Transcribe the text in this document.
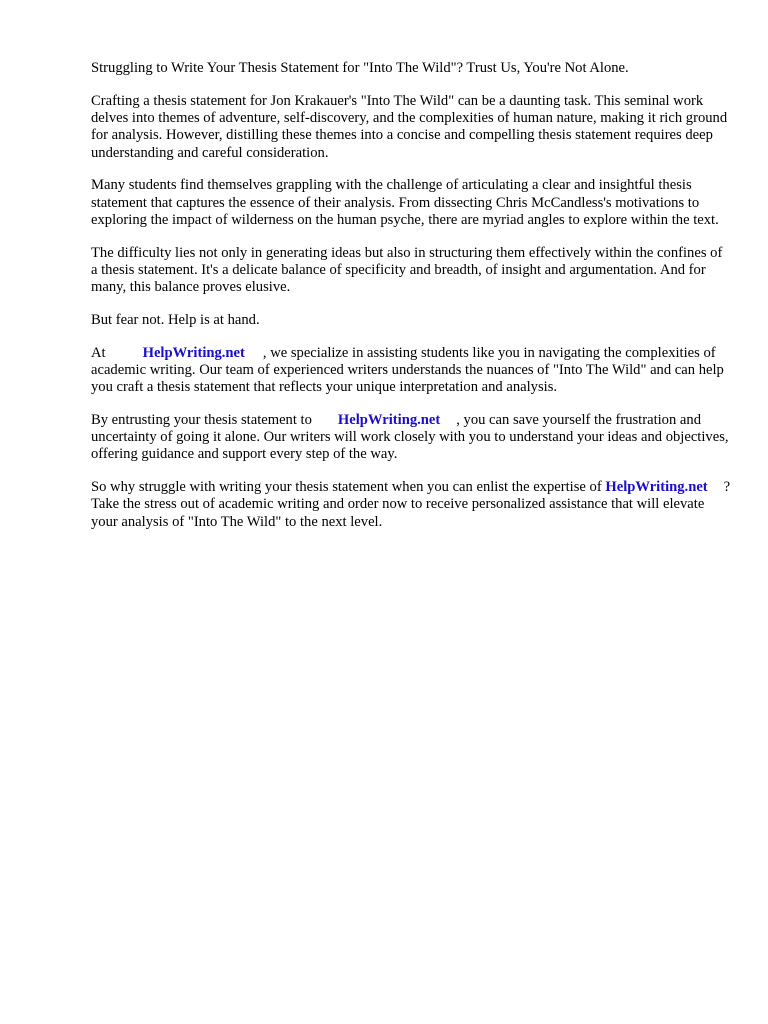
Struggling to Write Your Thesis Statement for "Into The Wild"? Trust Us, You're Not Alone.

Crafting a thesis statement for Jon Krakauer's "Into The Wild" can be a daunting task. This seminal work delves into themes of adventure, self-discovery, and the complexities of human nature, making it rich ground for analysis. However, distilling these themes into a concise and compelling thesis statement requires deep understanding and careful consideration.

Many students find themselves grappling with the challenge of articulating a clear and insightful thesis statement that captures the essence of their analysis. From dissecting Chris McCandless's motivations to exploring the impact of wilderness on the human psyche, there are myriad angles to explore within the text.

The difficulty lies not only in generating ideas but also in structuring them effectively within the confines of a thesis statement. It's a delicate balance of specificity and breadth, of insight and argumentation. And for many, this balance proves elusive.

But fear not. Help is at hand.

At	HelpWriting.net , we specialize in assisting students like you in navigating the complexities of academic writing. Our team of experienced writers understands the nuances of "Into The Wild" and can help you craft a thesis statement that reflects your unique interpretation and analysis.

By entrusting your thesis statement to HelpWriting.net , you can save yourself the frustration and uncertainty of going it alone. Our writers will work closely with you to understand your ideas and objectives, offering guidance and support every step of the way.

So why struggle with writing your thesis statement when you can enlist the expertise of HelpWriting.net ? Take the stress out of academic writing and order now to receive personalized assistance that will elevate your analysis of "Into The Wild" to the next level.
